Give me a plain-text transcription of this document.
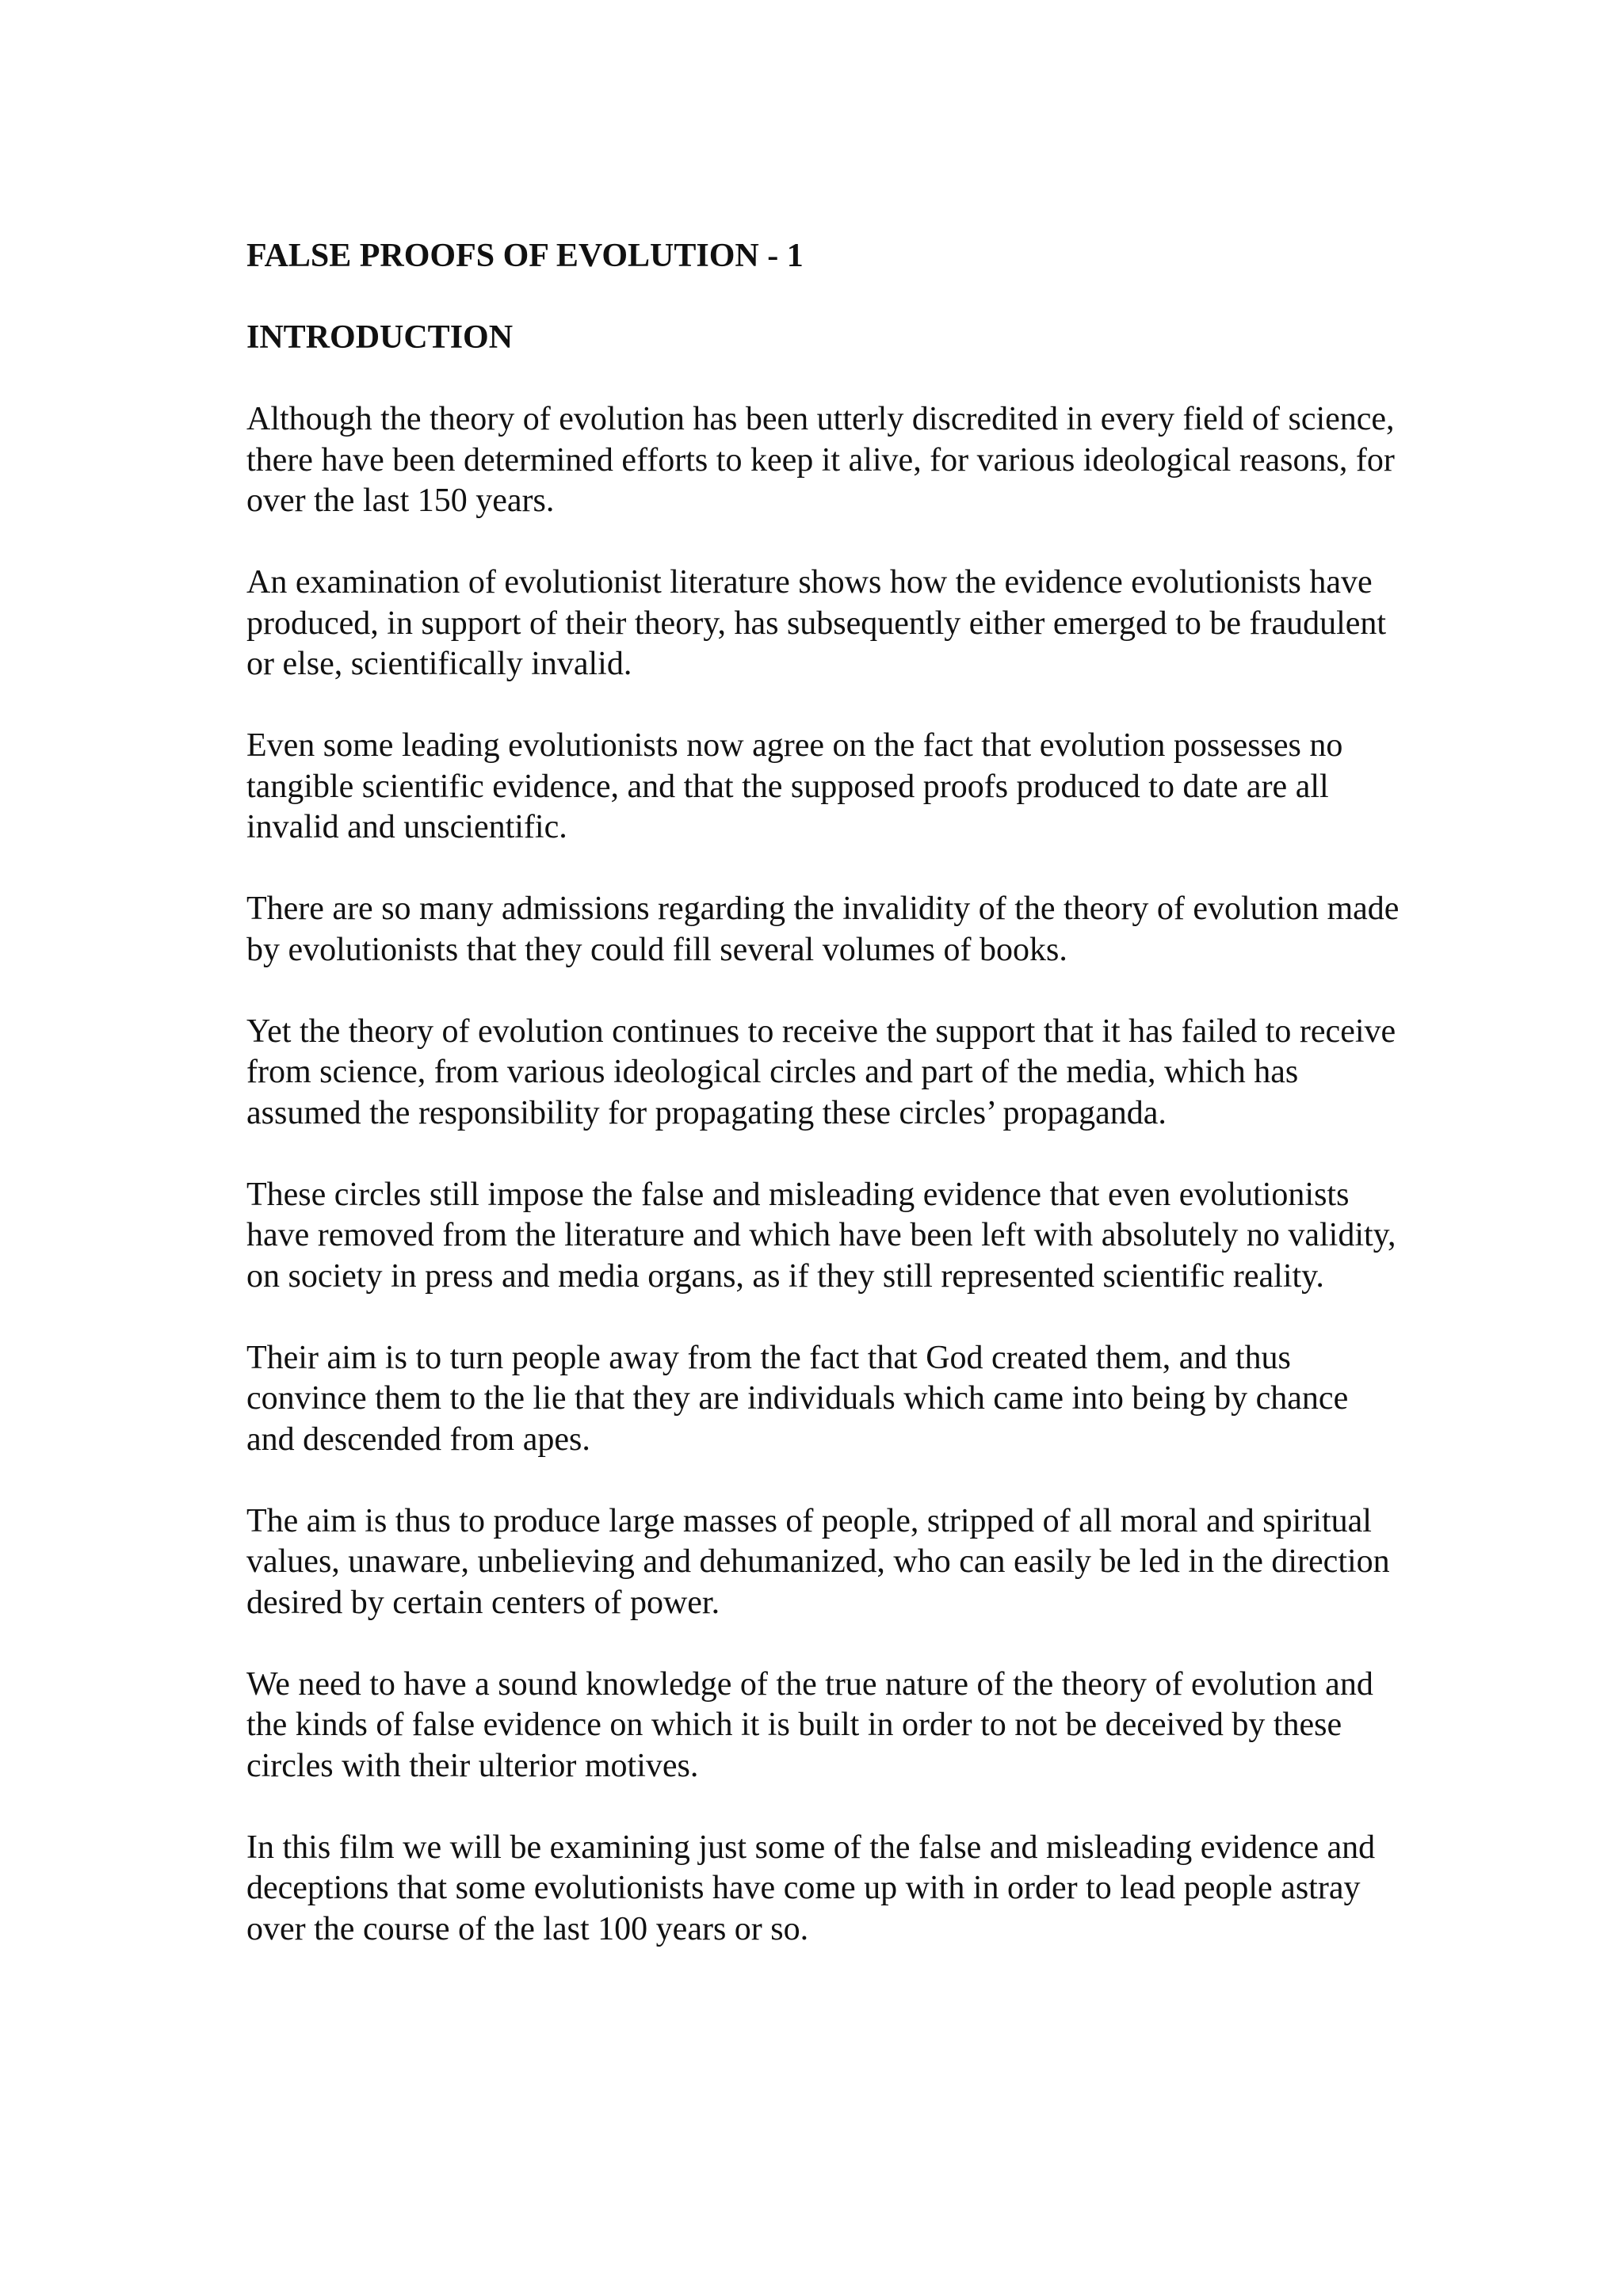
FALSE PROOFS OF EVOLUTION - 1
INTRODUCTION
Although the theory of evolution has been utterly discredited in every field of science, there have been determined efforts to keep it alive, for various ideological reasons, for over the last 150 years.
An examination of evolutionist literature shows how the evidence evolutionists have produced, in support of their theory, has subsequently either emerged to be fraudulent or else, scientifically invalid.
Even some leading evolutionists now agree on the fact that evolution possesses no tangible scientific evidence, and that the supposed proofs produced to date are all invalid and unscientific.
There are so many admissions regarding the invalidity of the theory of evolution made by evolutionists that they could fill several volumes of books.
Yet the theory of evolution continues to receive the support that it has failed to receive from science, from various ideological circles and part of the media, which has assumed the responsibility for propagating these circles’ propaganda.
These circles still impose the false and misleading evidence that even evolutionists have removed from the literature and which have been left with absolutely no validity, on society in press and media organs, as if they still represented scientific reality.
Their aim is to turn people away from the fact that God created them, and thus convince them to the lie that they are individuals which came into being by chance and descended from apes.
The aim is thus to produce large masses of people, stripped of all moral and spiritual values, unaware, unbelieving and dehumanized, who can easily be led in the direction desired by certain centers of power.
We need to have a sound knowledge of the true nature of the theory of evolution and the kinds of false evidence on which it is built in order to not be deceived by these circles with their ulterior motives.
In this film we will be examining just some of the false and misleading evidence and deceptions that some evolutionists have come up with in order to lead people astray over the course of the last 100 years or so.
